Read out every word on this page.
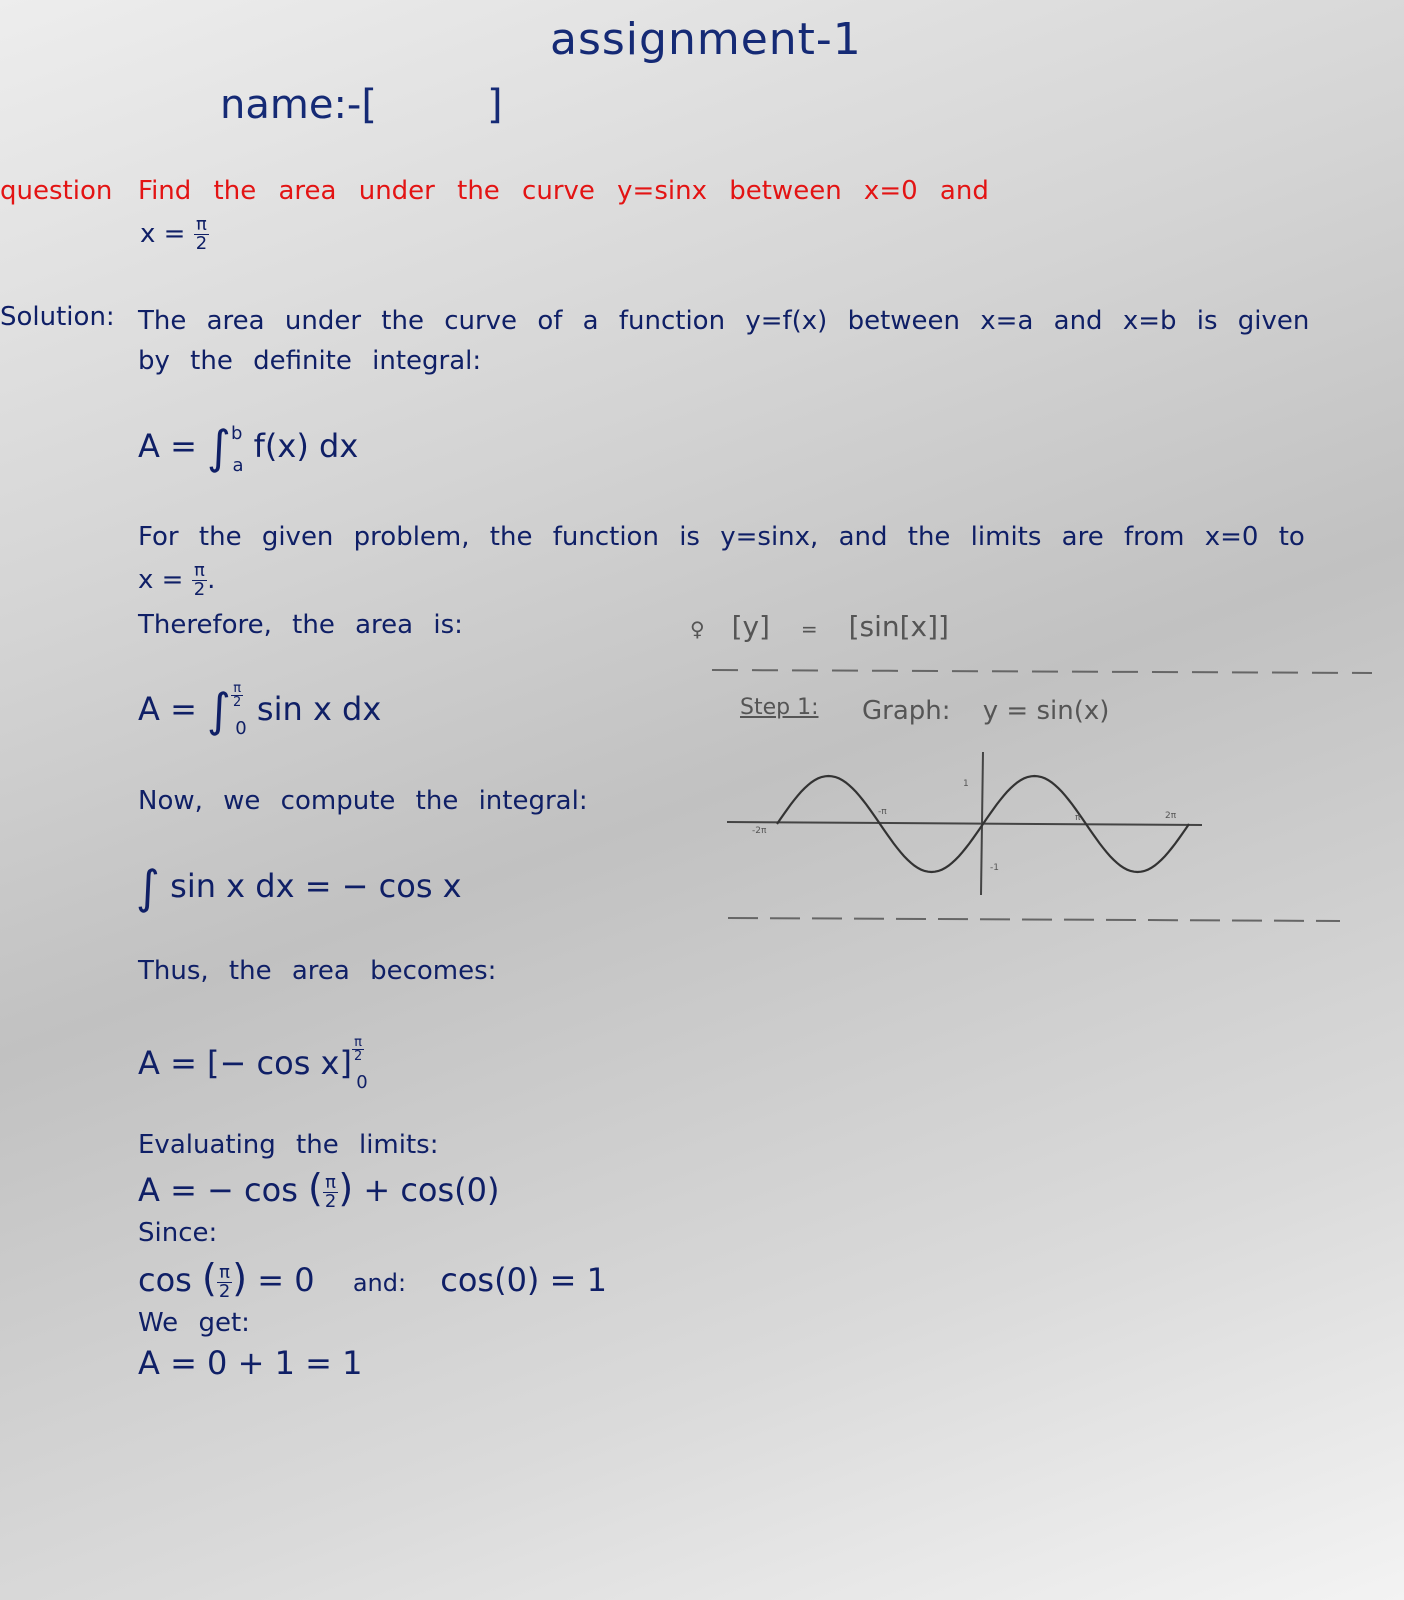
assignment-1
name:-[	]
question Find the area under the curve y=sinx between x=0 and
$x = \frac{\pi}{2}$
Solution: The area under the curve of a function y=f(x) between x=a and x=b is given
by the definite integral:
A = ∫$^b_a$ f(x) dx
For the given problem, the function is y=sinx, and the limits are from x=0 to
$x = \frac{\pi}{2}$ .
Therefore, the area is:
A = ∫ $\frac{\pi}{2}$
$_0$ sin x dx
Now, we compute the integral:
∫ sin x dx = − cos x
Thus, the area becomes:
A = [− $\cos x] \frac{\pi}{2}$
$_0$
Evaluating the limits:
A = − cos ( $\frac{\pi}{2}$ ) + cos(0)
Since:
cos ( $\frac{\pi}{2}$ ) = 0 and: cos(0) = 1
We get:
A = 0 + 1 = 1
♀ [y] = [sin[x]]
Step 1: Graph: y = sin(x)
-2π
-π
π	2π
1
-1
